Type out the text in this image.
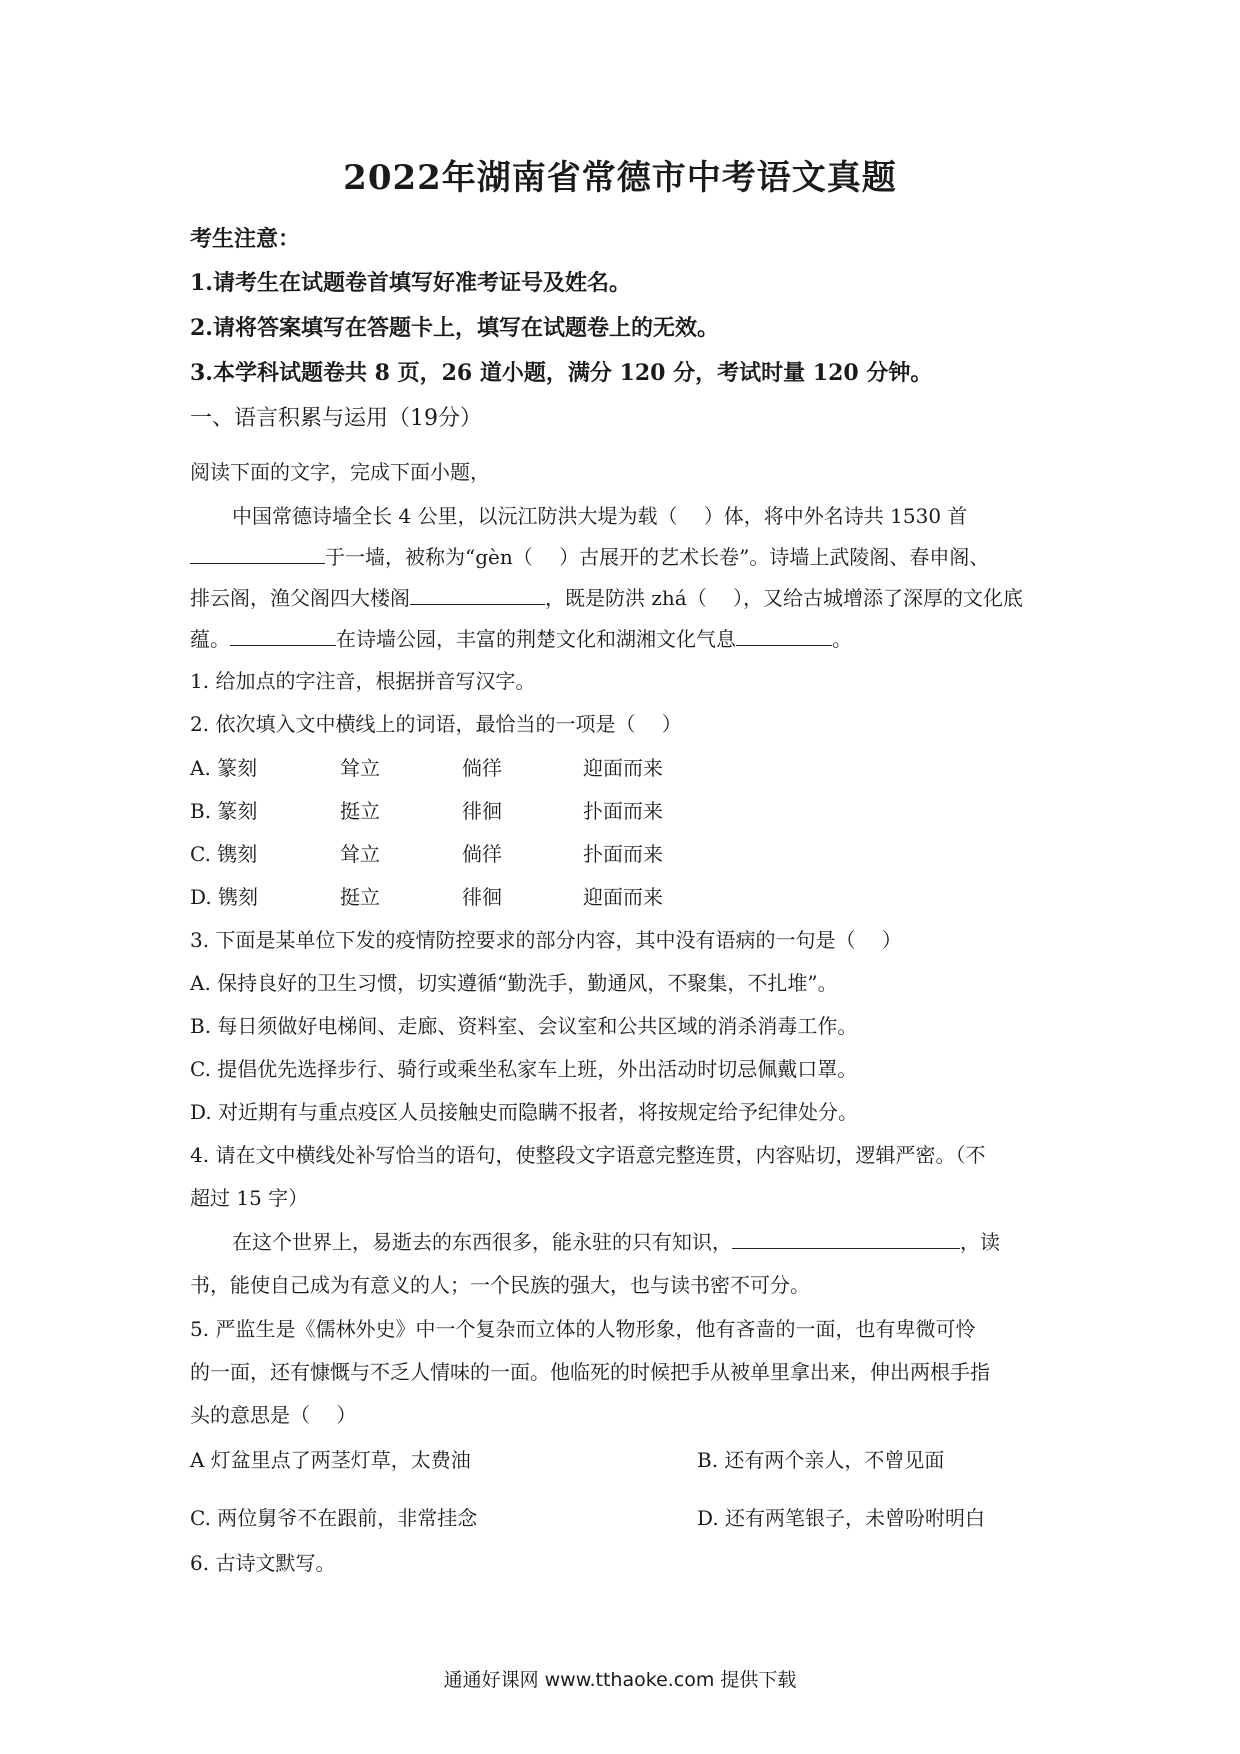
2022年湖南省常德市中考语文真题
考生注意：
1.请考生在试题卷首填写好准考证号及姓名。
2.请将答案填写在答题卡上，填写在试题卷上的无效。
3.本学科试题卷共 8 页，26 道小题，满分 120 分，考试时量 120 分钟。
一、语言积累与运用（19分）
阅读下面的文字，完成下面小题，
中国常德诗墙全长 4 公里，以沅江防洪大堤为载（　 ）体，将中外名诗共 1530 首
于一墙，被称为“gèn（　 ）古展开的艺术长卷”。诗墙上武陵阁、春申阁、
排云阁，渔父阁四大楼阁	，既是防洪 zhá（　 ），又给古城增添了深厚的文化底
蕴。	在诗墙公园，丰富的荆楚文化和湖湘文化气息	。
1. 给加点的字注音，根据拼音写汉字。
2. 依次填入文中横线上的词语，最恰当的一项是（　 ）
A. 篆刻	耸立	倘徉	迎面而来
B. 篆刻	挺立	徘徊	扑面而来
C. 镌刻	耸立	倘徉	扑面而来
D. 镌刻	挺立	徘徊	迎面而来
3. 下面是某单位下发的疫情防控要求的部分内容，其中没有语病的一句是（　 ）
A. 保持良好的卫生习惯，切实遵循“勤洗手，勤通风，不聚集，不扎堆”。
B. 每日须做好电梯间、走廊、资料室、会议室和公共区域的消杀消毒工作。
C. 提倡优先选择步行、骑行或乘坐私家车上班，外出活动时切忌佩戴口罩。
D. 对近期有与重点疫区人员接触史而隐瞒不报者，将按规定给予纪律处分。
4. 请在文中横线处补写恰当的语句，使整段文字语意完整连贯，内容贴切，逻辑严密。（不
超过 15 字）
在这个世界上，易逝去的东西很多，能永驻的只有知识，	，读
书，能使自己成为有意义的人；一个民族的强大，也与读书密不可分。
5. 严监生是《儒林外史》中一个复杂而立体的人物形象，他有吝啬的一面，也有卑微可怜
的一面，还有慷慨与不乏人情味的一面。他临死的时候把手从被单里拿出来，伸出两根手指
头的意思是（　 ）
A 灯盆里点了两茎灯草，太费油	B. 还有两个亲人，不曾见面
C. 两位舅爷不在跟前，非常挂念	D. 还有两笔银子，未曾吩咐明白
6. 古诗文默写。
通通好课网 www.tthaoke.com 提供下载
